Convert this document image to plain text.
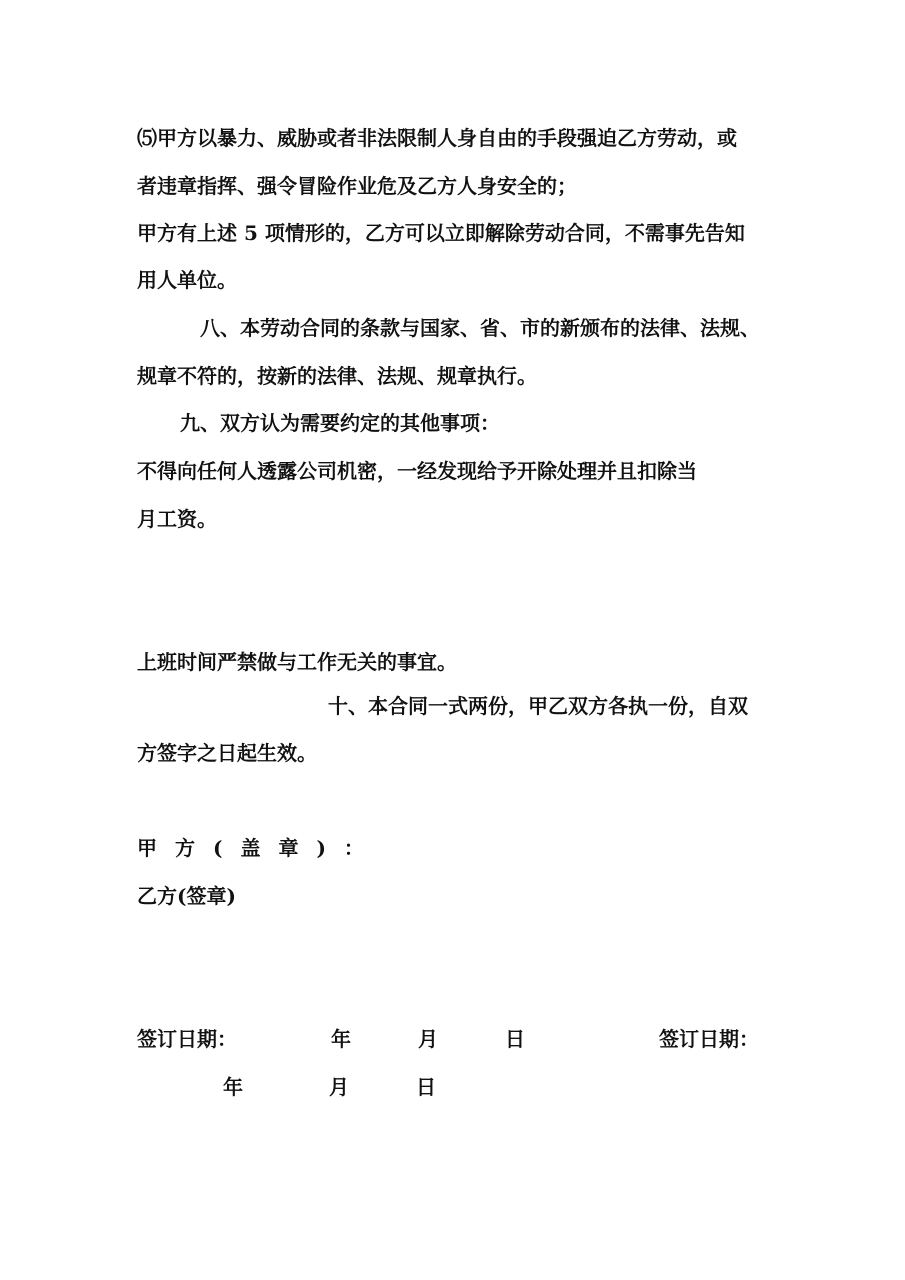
⑸甲方以暴力、威胁或者非法限制人身自由的手段强迫乙方劳动，或
者违章指挥、强令冒险作业危及乙方人身安全的；
甲方有上述 5 项情形的，乙方可以立即解除劳动合同，不需事先告知
用人单位。
八、本劳动合同的条款与国家、省、市的新颁布的法律、法规、
规章不符的，按新的法律、法规、规章执行。
九、双方认为需要约定的其他事项：
不得向任何人透露公司机密，一经发现给予开除处理并且扣除当
月工资。
上班时间严禁做与工作无关的事宜。
十、本合同一式两份，甲乙双方各执一份，自双
方签字之日起生效。
甲方(盖章)：
乙方(签章)
签订日期：	年	月	日	签订日期：
年	月	日
